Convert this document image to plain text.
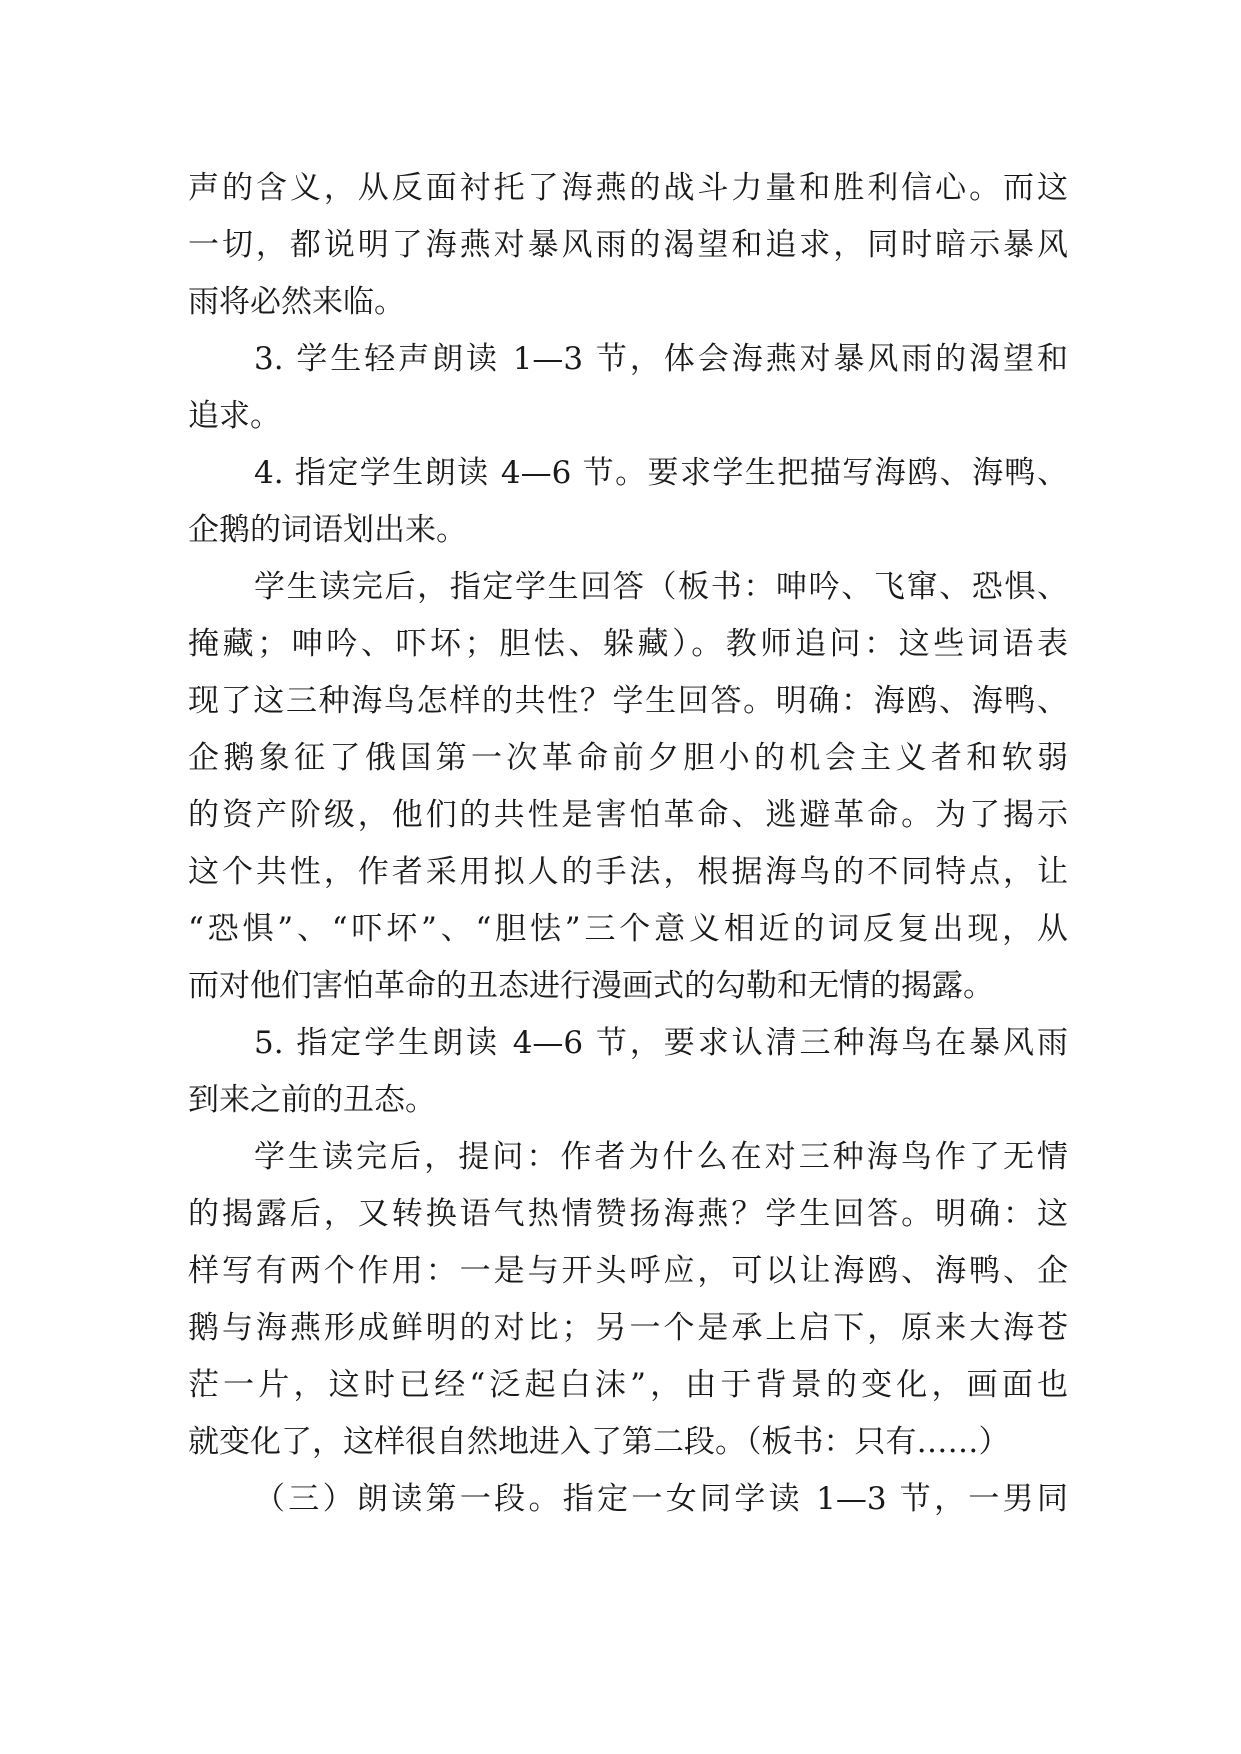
声的含义，从反面衬托了海燕的战斗力量和胜利信心。而这
一切，都说明了海燕对暴风雨的渴望和追求，同时暗示暴风
雨将必然来临。
3. 学生轻声朗读 1—3 节，体会海燕对暴风雨的渴望和
追求。
4. 指定学生朗读 4—6 节。要求学生把描写海鸥、海鸭、
企鹅的词语划出来。
学生读完后，指定学生回答（板书：呻吟、飞窜、恐惧、
掩藏；呻吟、吓坏；胆怯、躲藏）。教师追问：这些词语表
现了这三种海鸟怎样的共性？学生回答。明确：海鸥、海鸭、
企鹅象征了俄国第一次革命前夕胆小的机会主义者和软弱
的资产阶级，他们的共性是害怕革命、逃避革命。为了揭示
这个共性，作者采用拟人的手法，根据海鸟的不同特点，让
“恐惧”、“吓坏”、“胆怯”三个意义相近的词反复出现，从
而对他们害怕革命的丑态进行漫画式的勾勒和无情的揭露。
5. 指定学生朗读 4—6 节，要求认清三种海鸟在暴风雨
到来之前的丑态。
学生读完后，提问：作者为什么在对三种海鸟作了无情
的揭露后，又转换语气热情赞扬海燕？学生回答。明确：这
样写有两个作用：一是与开头呼应，可以让海鸥、海鸭、企
鹅与海燕形成鲜明的对比；另一个是承上启下，原来大海苍
茫一片，这时已经“泛起白沫”，由于背景的变化，画面也
就变化了，这样很自然地进入了第二段。（板书：只有……）
（三）朗读第一段。指定一女同学读 1—3 节，一男同
